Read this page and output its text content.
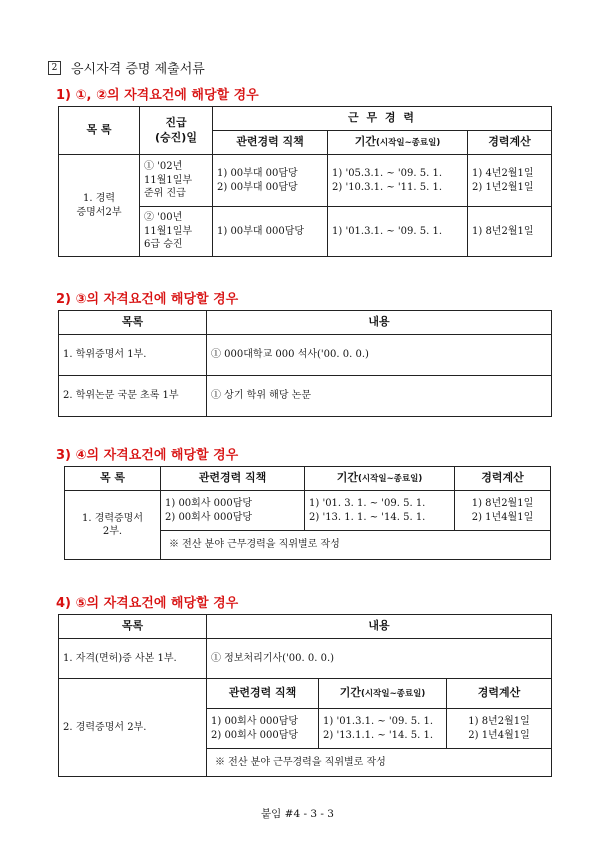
2 응시자격 증명 제출서류
1) ①, ②의 자격요건에 해당할 경우
목 록	진급
(승진)일	근 무 경 력		
		관련경력 직책	기간(시작일~종료일)	경력계산
1. 경력
증명서2부	① '02년
11월1일부
준위 진급	1) 00부대 00담당
2) 00부대 00담당	1) '05.3.1. ~ '09. 5. 1.
2) '10.3.1. ~ '11. 5. 1.	1) 4년2월1일
2) 1년2월1일
	② '00년
11월1일부
6급 승진	1) 00부대 000담당	1) '01.3.1. ~ '09. 5. 1.	1) 8년2월1일
2) ③의 자격요건에 해당할 경우
목록	내용
1. 학위증명서 1부.	① 000대학교 000 석사('00. 0. 0.)
2. 학위논문 국문 초록 1부	① 상기 학위 해당 논문
3) ④의 자격요건에 해당할 경우
목 록	관련경력 직책	기간(시작일~종료일)	경력계산
1. 경력증명서
2부.	1) 00회사 000담당
2) 00회사 000담당	1) '01. 3. 1. ~ '09. 5. 1.
2) '13. 1. 1. ~ '14. 5. 1.	1) 8년2월1일
2) 1년4월1일
	※ 전산 분야 근무경력을 직위별로 작성		
4) ⑤의 자격요건에 해당할 경우
목록	내용		
1. 자격(면허)증 사본 1부.	① 정보처리기사('00. 0. 0.)		
2. 경력증명서 2부.	관련경력 직책	기간(시작일~종료일)	경력계산
	1) 00회사 000담당
2) 00회사 000담당	1) '01.3.1. ~ '09. 5. 1.
2) '13.1.1. ~ '14. 5. 1.	1) 8년2월1일
2) 1년4월1일
	※ 전산 분야 근무경력을 직위별로 작성		
붙임 #4 - 3 - 3
